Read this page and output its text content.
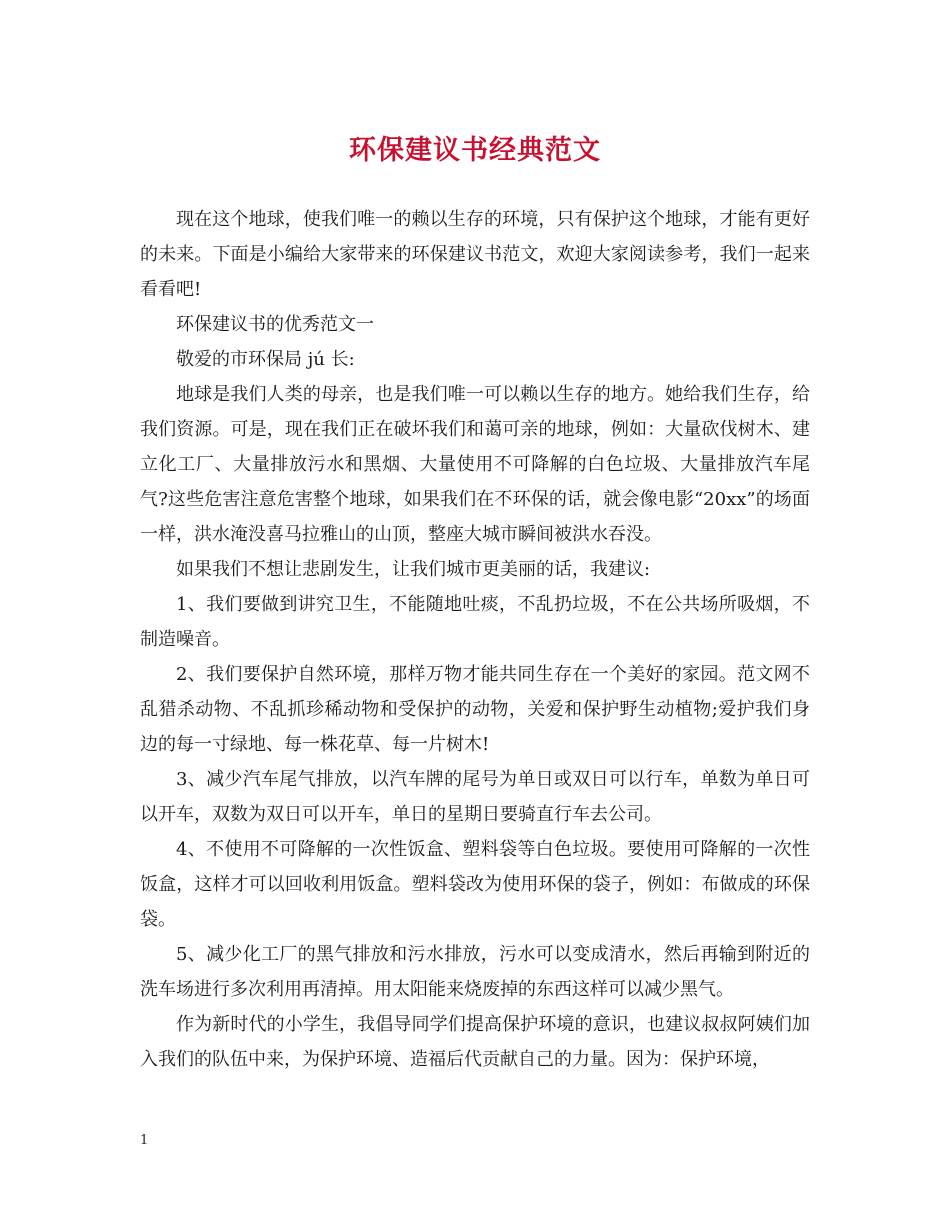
环保建议书经典范文

现在这个地球，使我们唯一的赖以生存的环境，只有保护这个地球，才能有更好的未来。下面是小编给大家带来的环保建议书范文，欢迎大家阅读参考，我们一起来看看吧!

环保建议书的优秀范文一

敬爱的市环保局 jú 长:

地球是我们人类的母亲，也是我们唯一可以赖以生存的地方。她给我们生存，给我们资源。可是，现在我们正在破坏我们和蔼可亲的地球，例如：大量砍伐树木、建立化工厂、大量排放污水和黑烟、大量使用不可降解的白色垃圾、大量排放汽车尾气?这些危害注意危害整个地球，如果我们在不环保的话，就会像电影“20xx”的场面一样，洪水淹没喜马拉雅山的山顶，整座大城市瞬间被洪水吞没。

如果我们不想让悲剧发生，让我们城市更美丽的话，我建议:

1、我们要做到讲究卫生，不能随地吐痰，不乱扔垃圾，不在公共场所吸烟，不制造噪音。

2、我们要保护自然环境，那样万物才能共同生存在一个美好的家园。范文网不乱猎杀动物、不乱抓珍稀动物和受保护的动物，关爱和保护野生动植物;爱护我们身边的每一寸绿地、每一株花草、每一片树木!

3、减少汽车尾气排放，以汽车牌的尾号为单日或双日可以行车，单数为单日可以开车，双数为双日可以开车，单日的星期日要骑直行车去公司。

4、不使用不可降解的一次性饭盒、塑料袋等白色垃圾。要使用可降解的一次性饭盒，这样才可以回收利用饭盒。塑料袋改为使用环保的袋子，例如：布做成的环保袋。

5、减少化工厂的黑气排放和污水排放，污水可以变成清水，然后再输到附近的洗车场进行多次利用再清掉。用太阳能来烧废掉的东西这样可以减少黑气。

作为新时代的小学生，我倡导同学们提高保护环境的意识，也建议叔叔阿姨们加入我们的队伍中来，为保护环境、造福后代贡献自己的力量。因为：保护环境，

1
